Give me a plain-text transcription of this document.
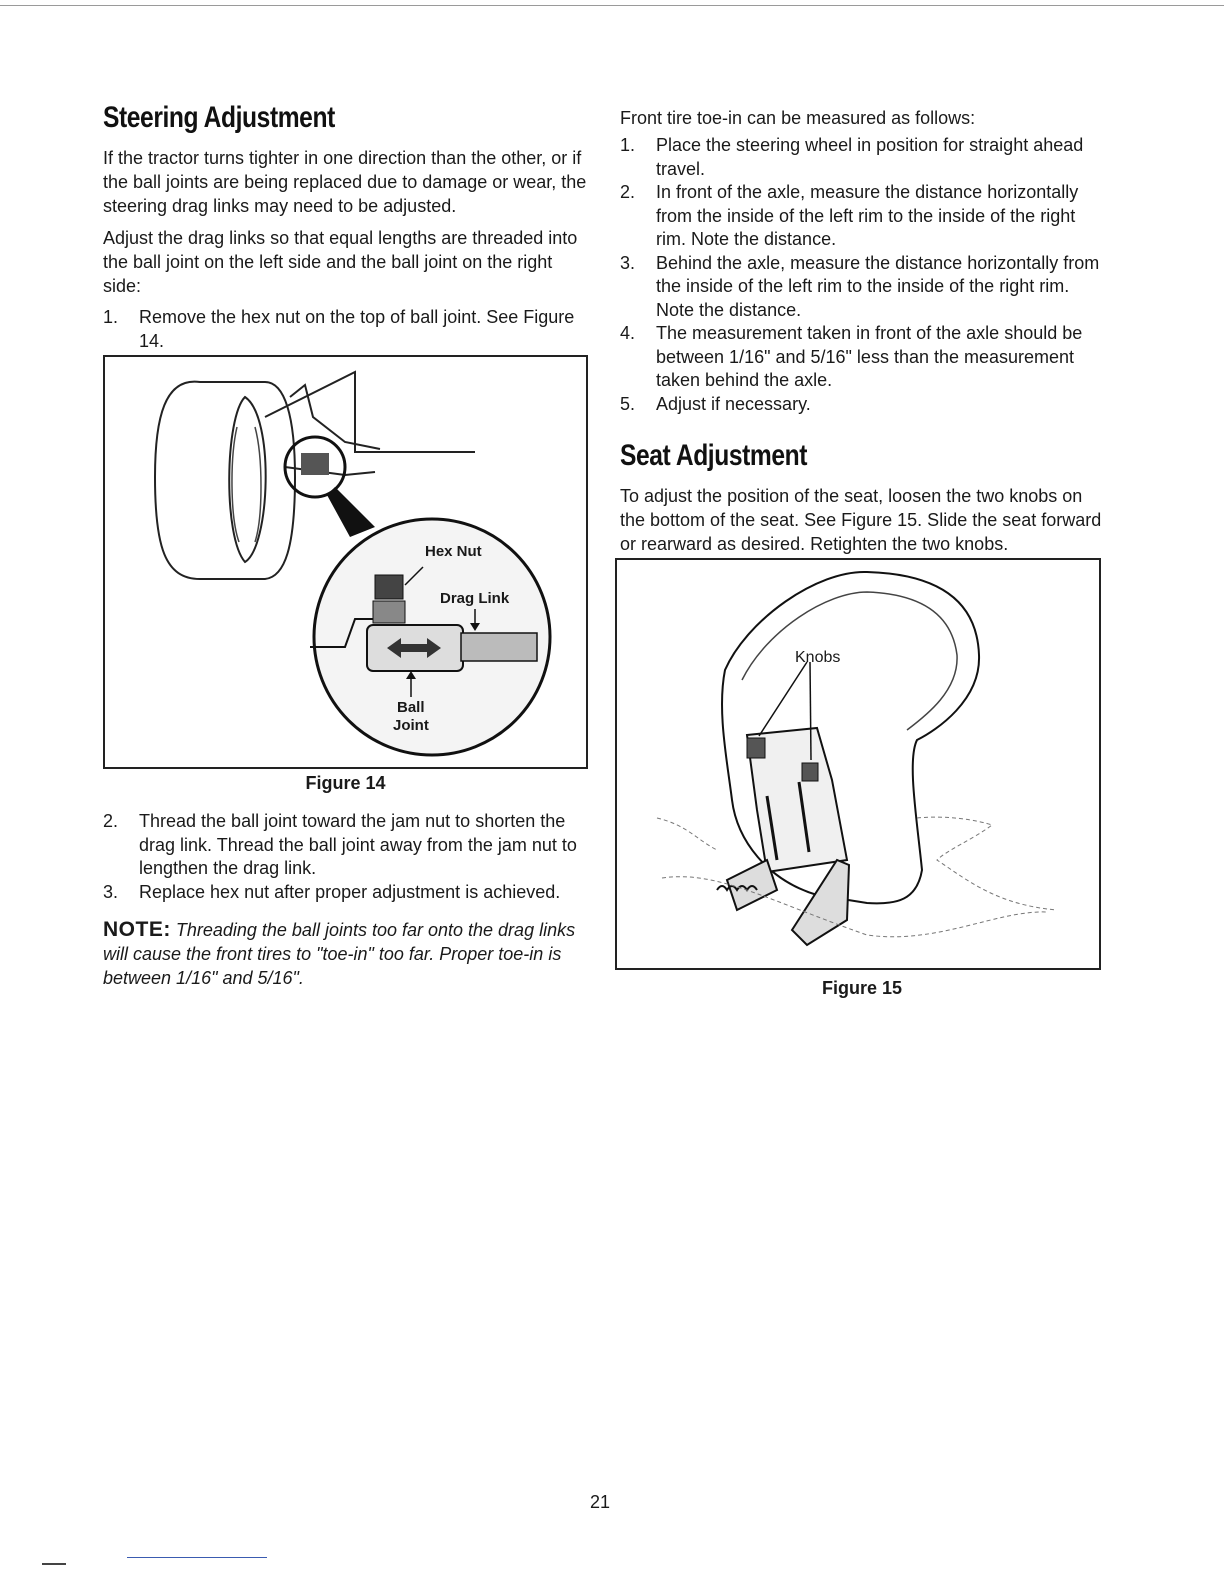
Steering Adjustment

If the tractor turns tighter in one direction than the other, or if the ball joints are being replaced due to damage or wear, the steering drag links may need to be adjusted.

Adjust the drag links so that equal lengths are threaded into the ball joint on the left side and the ball joint on the right side:

1. Remove the hex nut on the top of ball joint. See Figure 14.
Hex Nut
Drag Link
Ball
Joint
Figure 14
2. Thread the ball joint toward the jam nut to shorten the drag link. Thread the ball joint away from the jam nut to lengthen the drag link.
3. Replace hex nut after proper adjustment is achieved.
NOTE: Threading the ball joints too far onto the drag links will cause the front tires to "toe-in" too far. Proper toe-in is between 1/16" and 5/16".

Front tire toe-in can be measured as follows:

1. Place the steering wheel in position for straight ahead travel.
2. In front of the axle, measure the distance horizontally from the inside of the left rim to the inside of the right rim. Note the distance.
3. Behind the axle, measure the distance horizontally from the inside of the left rim to the inside of the right rim. Note the distance.
4. The measurement taken in front of the axle should be between 1/16" and 5/16" less than the measurement taken behind the axle.
5. Adjust if necessary.
Seat Adjustment

To adjust the position of the seat, loosen the two knobs on the bottom of the seat. See Figure 15. Slide the seat forward or rearward as desired. Retighten the two knobs.

Knobs
Figure 15
21
